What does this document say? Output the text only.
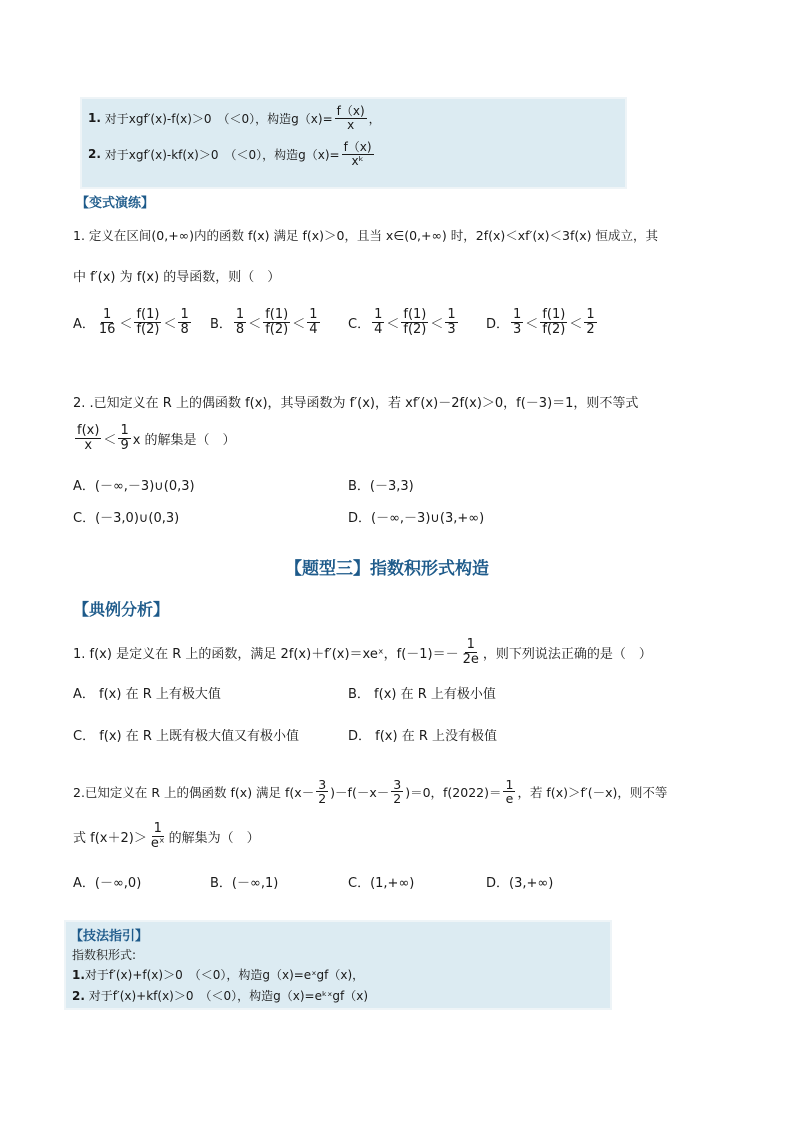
1.
对于xgf′(x)-f(x)＞0　（＜0），构造$g(x)= \frac{f(x)}{x}$ ，
2.
对于xgf′(x)-kf(x)＞0　（＜0），构造$g(x)= \frac{f(x)}{\text{xᵏ}}$
【变式演练】
1. 定义在区间(0,+∞)内的函数 f(x) 满足 f(x)＞0，且当 x∈(0,+∞) 时，2f(x)＜xf′(x)＜3f(x) 恒成立，其
中 f′(x) 为 f(x) 的导函数，则（　）
A． $\frac{1}{16} < \frac{f(1)}{f(2)} < \frac{1}{8}$ B． $\frac{1}{8} < \frac{f(1)}{f(2)} < \frac{1}{4}$ C． $\frac{1}{4} < \frac{f(1)}{f(2)} < \frac{1}{3}$ D． $\frac{1}{3} < \frac{f(1)}{f(2)} < \frac{1}{2}$
2. .已知定义在 R 上的偶函数 f(x)，其导函数为 f′(x)，若 xf′(x)－2f(x)＞0，f(－3)＝1，则不等式
$\frac{f(x)}{x} < \frac{1}{9}$ x 的解集是（　）
A．(－∞,－3)∪(0,3)	B．(－3,3)
C．(－3,0)∪(0,3)	D．(－∞,－3)∪(3,+∞)
【题型三】指数积形式构造
【典例分析】
1. f(x) 是定义在 R 上的函数，满足 2f(x)＋f′(x)＝xeˣ，$f(-1)=- \frac{1}{2e}$ ，则下列说法正确的是（　）
A． f(x) 在 R 上有极大值	B． f(x) 在 R 上有极小值
C． f(x) 在 R 上既有极大值又有极小值	D． f(x) 在 R 上没有极值
2.已知定义在 R 上的偶函数 f(x) 满足 $f(x- \frac{3}{2} )-f(-x- \frac{3}{2} )=0$，$f(2022)= \frac{1}{e}$ ，若 f(x)＞f′(－x)，则不等
式 $f(x+2)> \frac{1}{\text{eˣ}}$ 的解集为（　）
A．(－∞,0)	B．(－∞,1)	C．(1,+∞)	D．(3,+∞)
【技法指引】
指数积形式:
1. 对于f′(x)+f(x)＞0　（＜0），构造g（x)=eˣgf（x)，
2.
对于f′(x)+kf(x)＞0　（＜0），构造g（x)=eᵏˣgf（x)
